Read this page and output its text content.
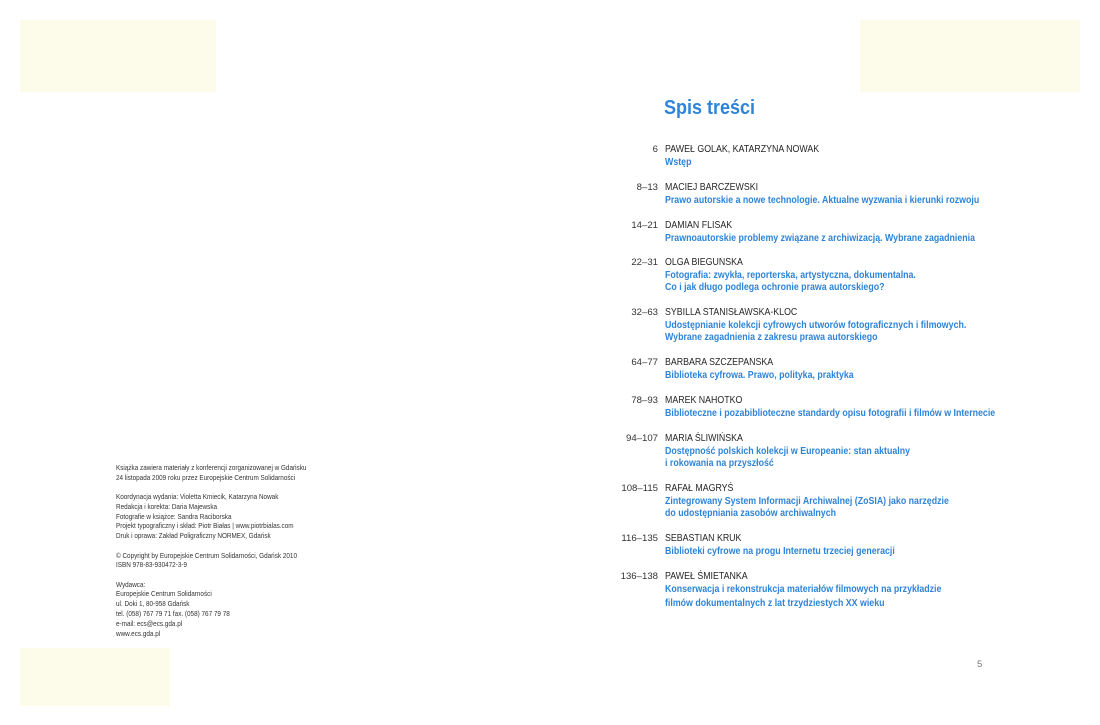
Książka zawiera materiały z konferencji zorganizowanej w Gdańsku
24 listopada 2009 roku przez Europejskie Centrum Solidarności
Koordynacja wydania: Violetta Kmiecik, Katarzyna Nowak
Redakcja i korekta: Daria Majewska
Fotografie w książce: Sandra Raciborska
Projekt typograficzny i skład: Piotr Białas | www.piotrbialas.com
Druk i oprawa: Zakład Poligraficzny NORMEX, Gdańsk
© Copyright by Europejskie Centrum Solidarności, Gdańsk 2010
ISBN 978-83-930472-3-9
Wydawca:
Europejskie Centrum Solidarności
ul. Doki 1, 80-958 Gdańsk
tel. (058) 767 79 71 fax. (058) 767 79 78
e-mail: ecs@ecs.gda.pl
www.ecs.gda.pl
Spis treści
6 PAWEŁ GOLAK, KATARZYNA NOWAK
Wstęp
8–13 MACIEJ BARCZEWSKI
Prawo autorskie a nowe technologie. Aktualne wyzwania i kierunki rozwoju
14–21 DAMIAN FLISAK
Prawnoautorskie problemy związane z archiwizacją. Wybrane zagadnienia
22–31 OLGA BIEGUŃSKA
Fotografia: zwykła, reporterska, artystyczna, dokumentalna.
Co i jak długo podlega ochronie prawa autorskiego?
32–63 SYBILLA STANISŁAWSKA-KLOC
Udostępnianie kolekcji cyfrowych utworów fotograficznych i filmowych.
Wybrane zagadnienia z zakresu prawa autorskiego
64–77 BARBARA SZCZEPAŃSKA
Biblioteka cyfrowa. Prawo, polityka, praktyka
78–93 MAREK NAHOTKO
Biblioteczne i pozabiblioteczne standardy opisu fotografii i filmów w Internecie
94–107 MARIA ŚLIWIŃSKA
Dostępność polskich kolekcji w Europeanie: stan aktualny
i rokowania na przyszłość
108–115 RAFAŁ MAGRYŚ
Zintegrowany System Informacji Archiwalnej (ZoSIA) jako narzędzie
do udostępniania zasobów archiwalnych
116–135 SEBASTIAN KRUK
Biblioteki cyfrowe na progu Internetu trzeciej generacji
136–138 PAWEŁ ŚMIETANKA
Konserwacja i rekonstrukcja materiałów filmowych na przykładzie
filmów dokumentalnych z lat trzydziestych XX wieku
5
